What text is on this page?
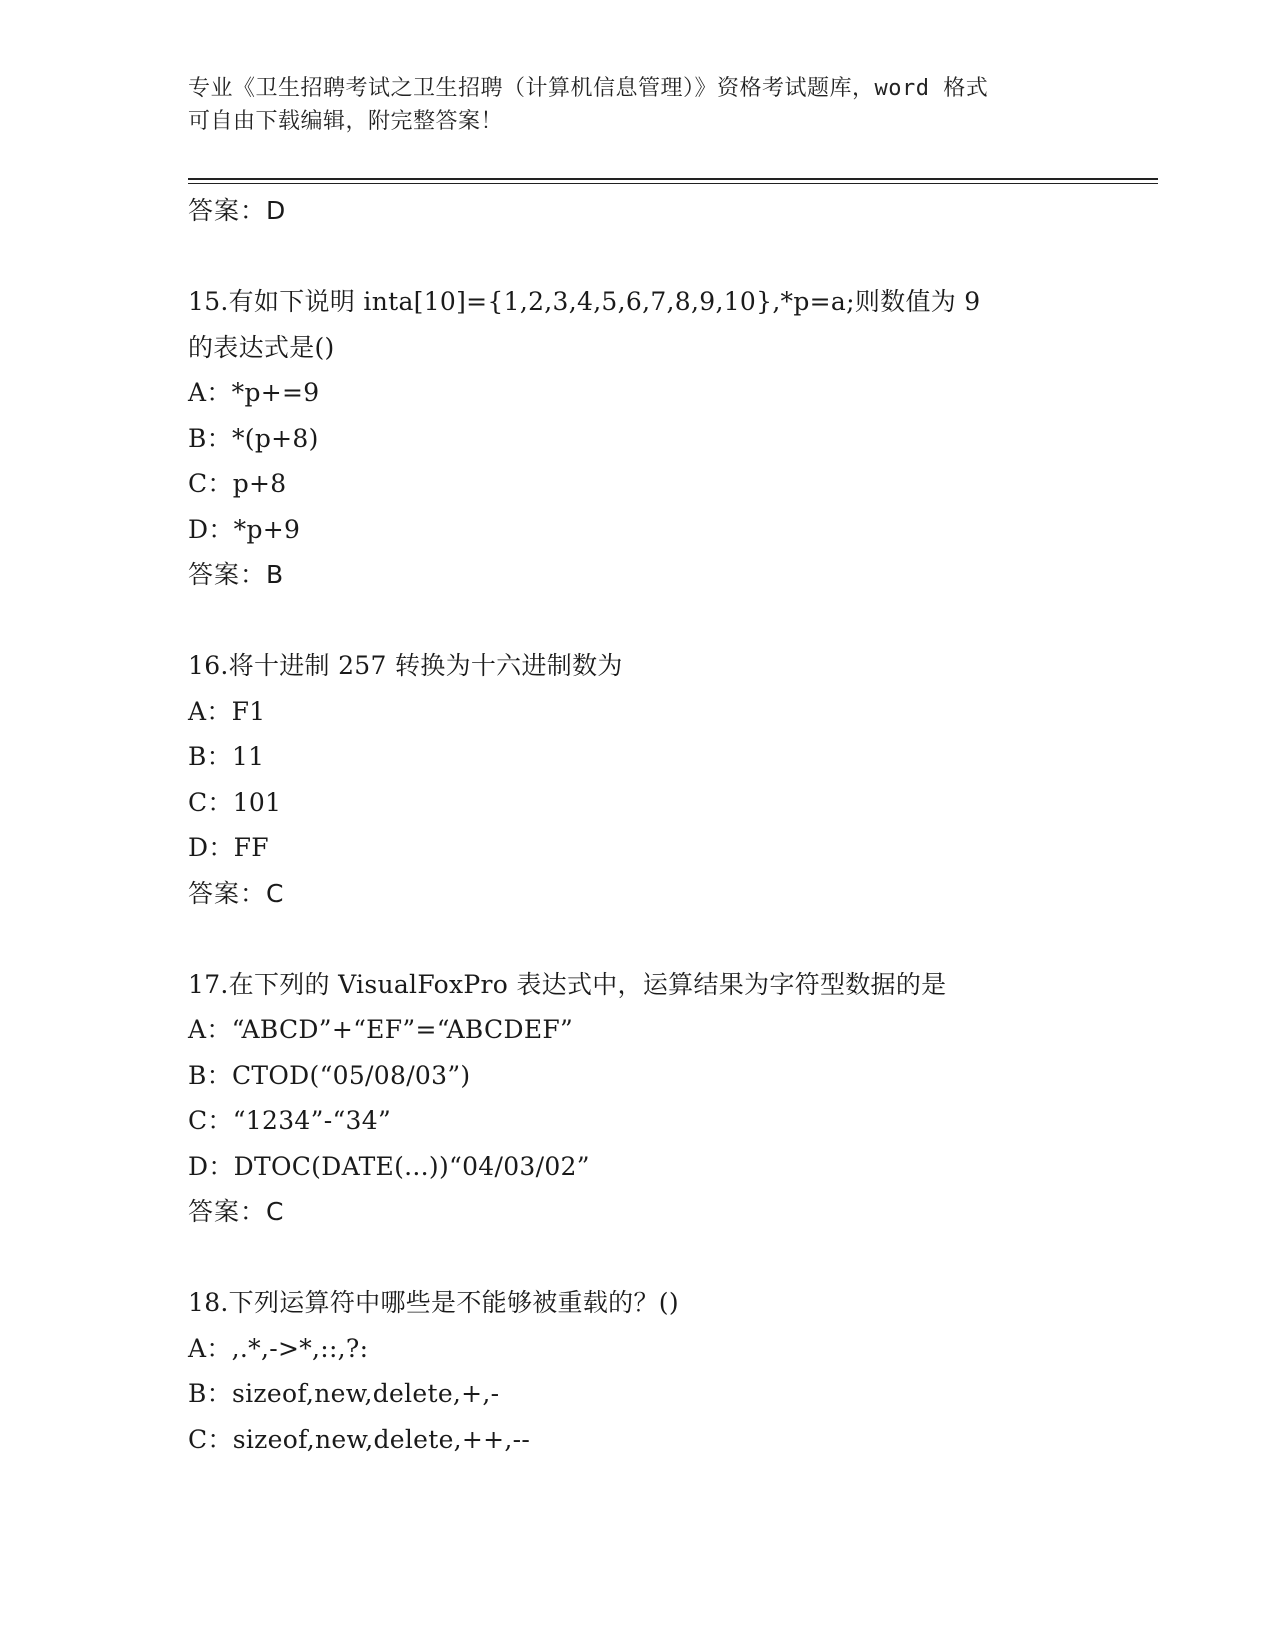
专业《卫生招聘考试之卫生招聘（计算机信息管理）》资格考试题库，word 格式
可自由下载编辑，附完整答案！
答案：D
15.有如下说明 inta[10]={1,2,3,4,5,6,7,8,9,10},*p=a;则数值为 9
的表达式是()
A：*p+=9
B：*(p+8)
C：p+8
D：*p+9
答案：B
16.将十进制 257 转换为十六进制数为
A：F1
B：11
C：101
D：FF
答案：C
17.在下列的 VisualFoxPro 表达式中，运算结果为字符型数据的是
A：“ABCD”+“EF”=“ABCDEF”
B：CTOD(“05/08/03”)
C：“1234”-“34”
D：DTOC(DATE(...))“04/03/02”
答案：C
18.下列运算符中哪些是不能够被重载的？()
A：,.*,->*,::,?:
B：sizeof,new,delete,+,-
C：sizeof,new,delete,++,--
